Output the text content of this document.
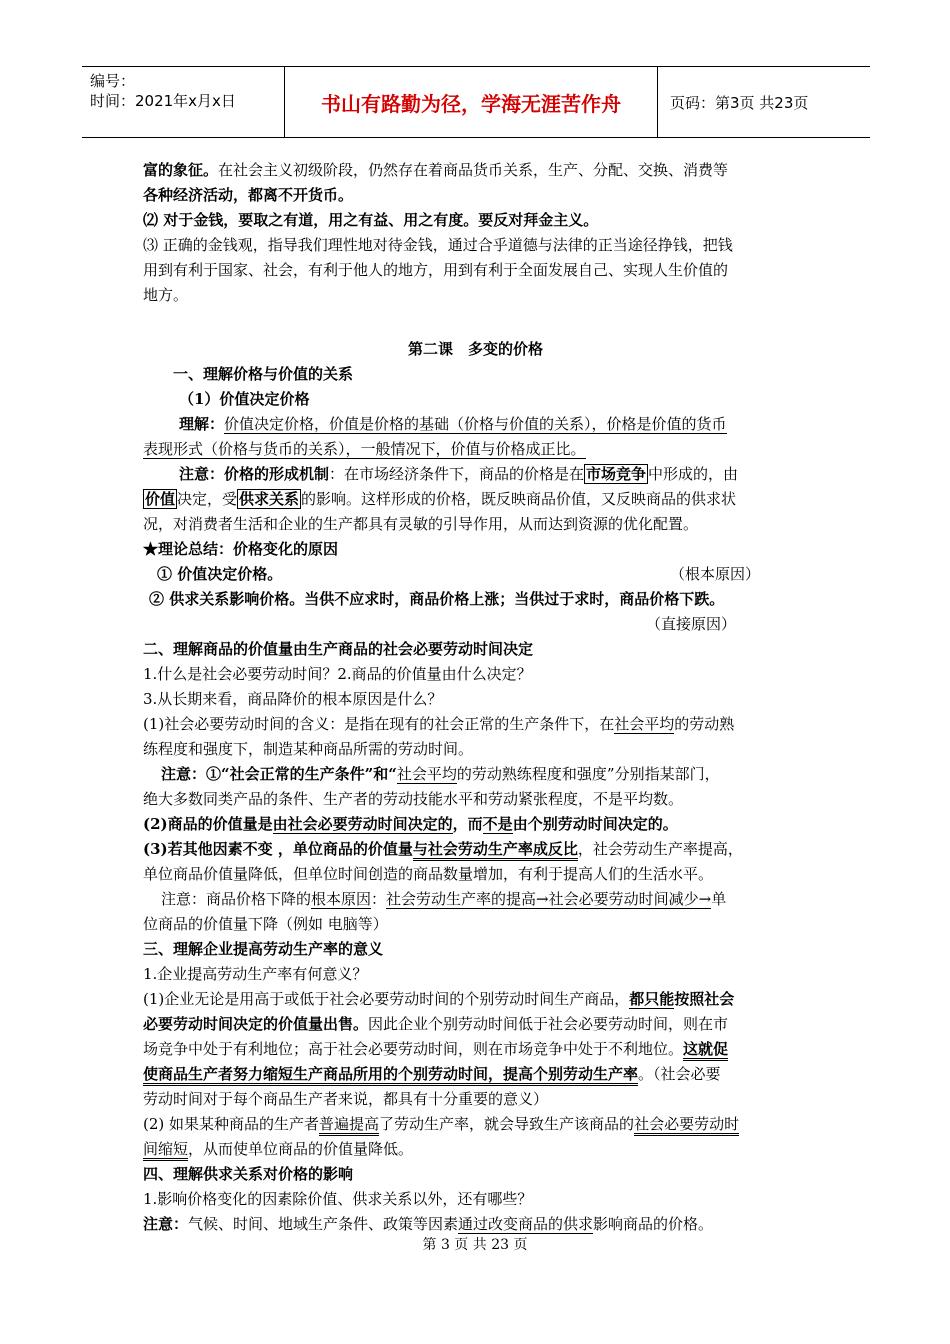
编号：
时间：2021年x月x日	书山有路勤为径，学海无涯苦作舟	页码：第3页 共23页

富的象征。在社会主义初级阶段，仍然存在着商品货币关系，生产、分配、交换、消费等

各种经济活动，都离不开货币。

⑵ 对于金钱，要取之有道，用之有益、用之有度。要反对拜金主义。

⑶ 正确的金钱观，指导我们理性地对待金钱，通过合乎道德与法律的正当途径挣钱，把钱

用到有利于国家、社会，有利于他人的地方，用到有利于全面发展自己、实现人生价值的

地方。

第二课　多变的价格

一、理解价格与价值的关系

（1）价值决定价格

理解：价值决定价格，价值是价格的基础（价格与价值的关系），价格是价值的货币

表现形式（价格与货币的关系），一般情况下，价值与价格成正比。

注意：价格的形成机制：在市场经济条件下，商品的价格是在 市场竞争 中形成的，由

价值 决定，受 供求关系 的影响。这样形成的价格，既反映商品价值，又反映商品的供求状

况，对消费者生活和企业的生产都具有灵敏的引导作用，从而达到资源的优化配置。

★理论总结：价格变化的原因

① 价值决定价格。	（根本原因）

② 供求关系影响价格。当供不应求时，商品价格上涨；当供过于求时，商品价格下跌。

（直接原因）

二、理解商品的价值量由生产商品的社会必要劳动时间决定

1.什么是社会必要劳动时间？2.商品的价值量由什么决定？

3.从长期来看，商品降价的根本原因是什么？

(1)社会必要劳动时间的含义：是指在现有的社会正常的生产条件下，在社会平均的劳动熟

练程度和强度下，制造某种商品所需的劳动时间。

注意：①“社会正常的生产条件”和“社会平均的劳动熟练程度和强度”分别指某部门，

绝大多数同类产品的条件、生产者的劳动技能水平和劳动紧张程度，不是平均数。

(2)商品的价值量是由社会必要劳动时间决定的，而不是由个别劳动时间决定的。

(3)若其他因素不变 ，单位商品的价值量与社会劳动生产率成反比，社会劳动生产率提高，

单位商品价值量降低，但单位时间创造的商品数量增加，有利于提高人们的生活水平。

注意：商品价格下降的根本原因：社会劳动生产率的提高→社会必要劳动时间减少→单

位商品的价值量下降（例如 电脑等）

三、理解企业提高劳动生产率的意义

1.企业提高劳动生产率有何意义？

(1)企业无论是用高于或低于社会必要劳动时间的个别劳动时间生产商品，都只能按照社会

必要劳动时间决定的价值量出售。因此企业个别劳动时间低于社会必要劳动时间，则在市

场竞争中处于有利地位；高于社会必要劳动时间，则在市场竞争中处于不利地位。这就促

使商品生产者努力缩短生产商品所用的个别劳动时间，提高个别劳动生产率。（社会必要

劳动时间对于每个商品生产者来说，都具有十分重要的意义）

(2) 如果某种商品的生产者普遍提高了劳动生产率，就会导致生产该商品的社会必要劳动时

间缩短，从而使单位商品的价值量降低。

四、理解供求关系对价格的影响

1.影响价格变化的因素除价值、供求关系以外，还有哪些？

注意：气候、时间、地域生产条件、政策等因素通过改变商品的供求影响商品的价格。

第 3 页 共 23 页
